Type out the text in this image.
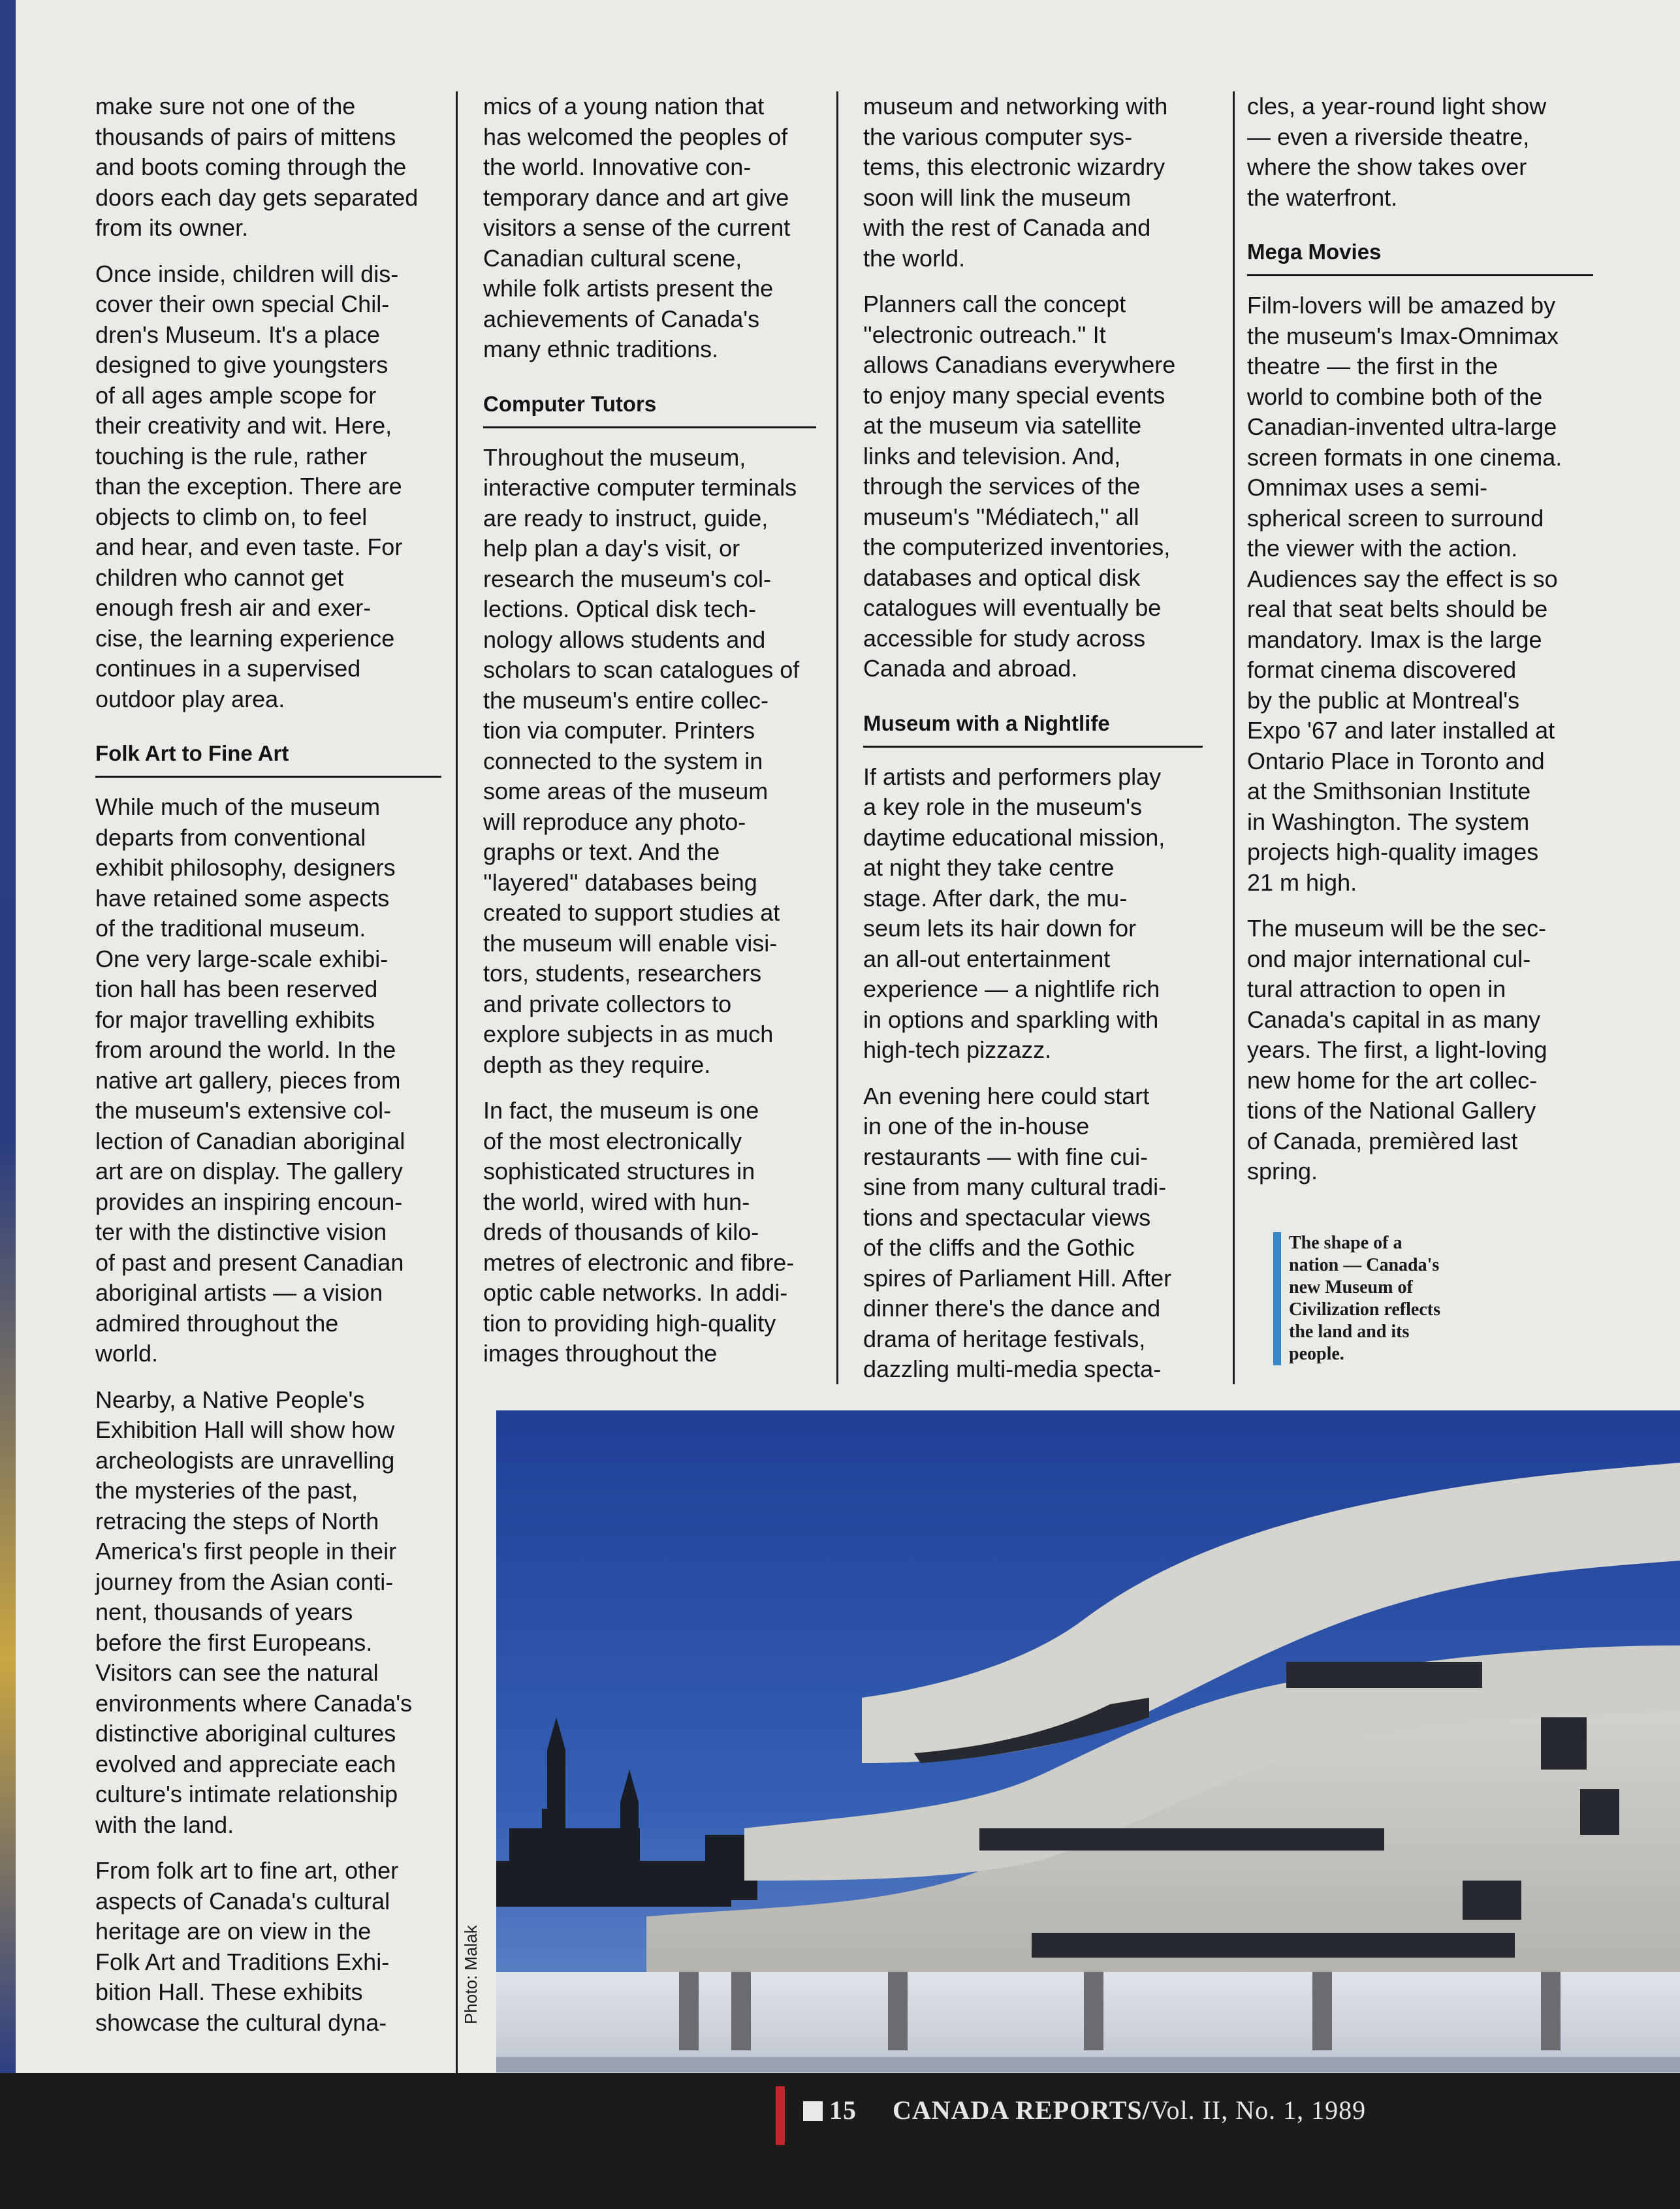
make sure not one of the
thousands of pairs of mittens
and boots coming through the
doors each day gets separated
from its owner.

Once inside, children will dis-
cover their own special Chil-
dren's Museum. It's a place
designed to give youngsters
of all ages ample scope for
their creativity and wit. Here,
touching is the rule, rather
than the exception. There are
objects to climb on, to feel
and hear, and even taste. For
children who cannot get
enough fresh air and exer-
cise, the learning experience
continues in a supervised
outdoor play area.

Folk Art to Fine Art

While much of the museum
departs from conventional
exhibit philosophy, designers
have retained some aspects
of the traditional museum.
One very large-scale exhibi-
tion hall has been reserved
for major travelling exhibits
from around the world. In the
native art gallery, pieces from
the museum's extensive col-
lection of Canadian aboriginal
art are on display. The gallery
provides an inspiring encoun-
ter with the distinctive vision
of past and present Canadian
aboriginal artists — a vision
admired throughout the
world.

Nearby, a Native People's
Exhibition Hall will show how
archeologists are unravelling
the mysteries of the past,
retracing the steps of North
America's first people in their
journey from the Asian conti-
nent, thousands of years
before the first Europeans.
Visitors can see the natural
environments where Canada's
distinctive aboriginal cultures
evolved and appreciate each
culture's intimate relationship
with the land.

From folk art to fine art, other
aspects of Canada's cultural
heritage are on view in the
Folk Art and Traditions Exhi-
bition Hall. These exhibits
showcase the cultural dyna-

mics of a young nation that
has welcomed the peoples of
the world. Innovative con-
temporary dance and art give
visitors a sense of the current
Canadian cultural scene,
while folk artists present the
achievements of Canada's
many ethnic traditions.

Computer Tutors

Throughout the museum,
interactive computer terminals
are ready to instruct, guide,
help plan a day's visit, or
research the museum's col-
lections. Optical disk tech-
nology allows students and
scholars to scan catalogues of
the museum's entire collec-
tion via computer. Printers
connected to the system in
some areas of the museum
will reproduce any photo-
graphs or text. And the
''layered'' databases being
created to support studies at
the museum will enable visi-
tors, students, researchers
and private collectors to
explore subjects in as much
depth as they require.

In fact, the museum is one
of the most electronically
sophisticated structures in
the world, wired with hun-
dreds of thousands of kilo-
metres of electronic and fibre-
optic cable networks. In addi-
tion to providing high-quality
images throughout the

museum and networking with
the various computer sys-
tems, this electronic wizardry
soon will link the museum
with the rest of Canada and
the world.

Planners call the concept
''electronic outreach.'' It
allows Canadians everywhere
to enjoy many special events
at the museum via satellite
links and television. And,
through the services of the
museum's ''Médiatech,'' all
the computerized inventories,
databases and optical disk
catalogues will eventually be
accessible for study across
Canada and abroad.

Museum with a Nightlife

If artists and performers play
a key role in the museum's
daytime educational mission,
at night they take centre
stage. After dark, the mu-
seum lets its hair down for
an all-out entertainment
experience — a nightlife rich
in options and sparkling with
high-tech pizzazz.

An evening here could start
in one of the in-house
restaurants — with fine cui-
sine from many cultural tradi-
tions and spectacular views
of the cliffs and the Gothic
spires of Parliament Hill. After
dinner there's the dance and
drama of heritage festivals,
dazzling multi-media specta-

cles, a year-round light show
— even a riverside theatre,
where the show takes over
the waterfront.

Mega Movies

Film-lovers will be amazed by
the museum's Imax-Omnimax
theatre — the first in the
world to combine both of the
Canadian-invented ultra-large
screen formats in one cinema.
Omnimax uses a semi-
spherical screen to surround
the viewer with the action.
Audiences say the effect is so
real that seat belts should be
mandatory. Imax is the large
format cinema discovered
by the public at Montreal's
Expo '67 and later installed at
Ontario Place in Toronto and
at the Smithsonian Institute
in Washington. The system
projects high-quality images
21 m high.

The museum will be the sec-
ond major international cul-
tural attraction to open in
Canada's capital in as many
years. The first, a light-loving
new home for the art collec-
tions of the National Gallery
of Canada, premièred last
spring.

The shape of a
nation — Canada's
new Museum of
Civilization reflects
the land and its
people.
Photo: Malak
15 CANADA REPORTS/Vol. II, No. 1, 1989
